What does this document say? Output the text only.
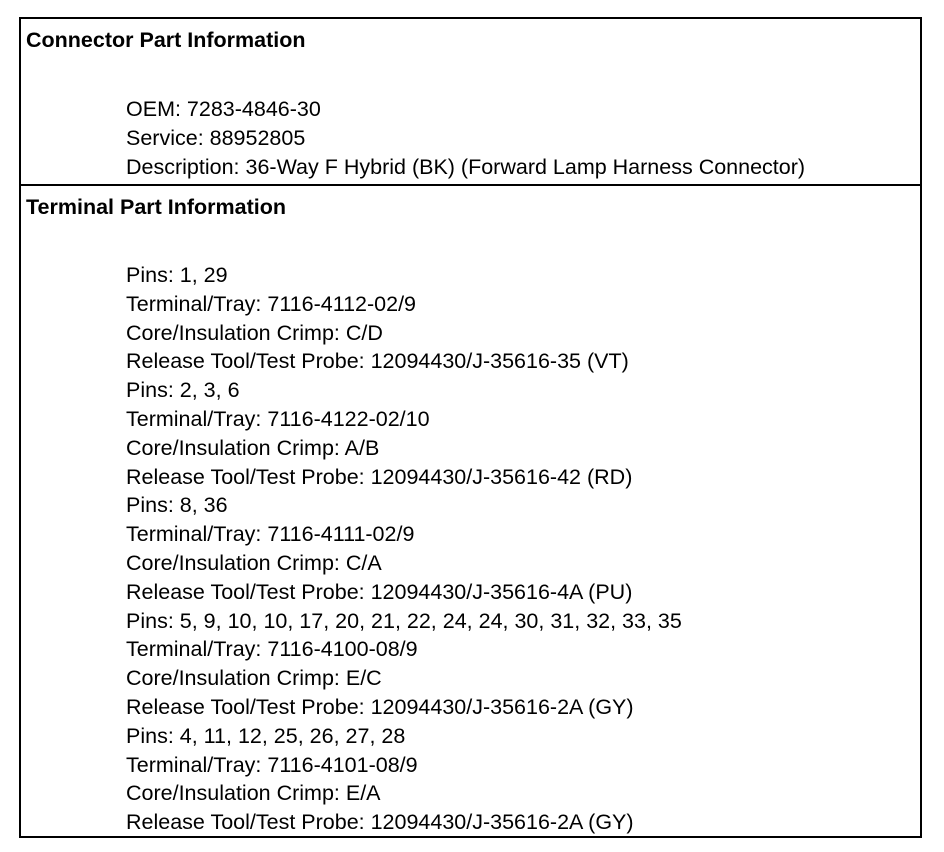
Connector Part Information
OEM: 7283-4846-30
Service: 88952805
Description: 36-Way F Hybrid (BK) (Forward Lamp Harness Connector)
Terminal Part Information
Pins: 1, 29
Terminal/Tray: 7116-4112-02/9
Core/Insulation Crimp: C/D
Release Tool/Test Probe: 12094430/J-35616-35 (VT)
Pins: 2, 3, 6
Terminal/Tray: 7116-4122-02/10
Core/Insulation Crimp: A/B
Release Tool/Test Probe: 12094430/J-35616-42 (RD)
Pins: 8, 36
Terminal/Tray: 7116-4111-02/9
Core/Insulation Crimp: C/A
Release Tool/Test Probe: 12094430/J-35616-4A (PU)
Pins: 5, 9, 10, 10, 17, 20, 21, 22, 24, 24, 30, 31, 32, 33, 35
Terminal/Tray: 7116-4100-08/9
Core/Insulation Crimp: E/C
Release Tool/Test Probe: 12094430/J-35616-2A (GY)
Pins: 4, 11, 12, 25, 26, 27, 28
Terminal/Tray: 7116-4101-08/9
Core/Insulation Crimp: E/A
Release Tool/Test Probe: 12094430/J-35616-2A (GY)
